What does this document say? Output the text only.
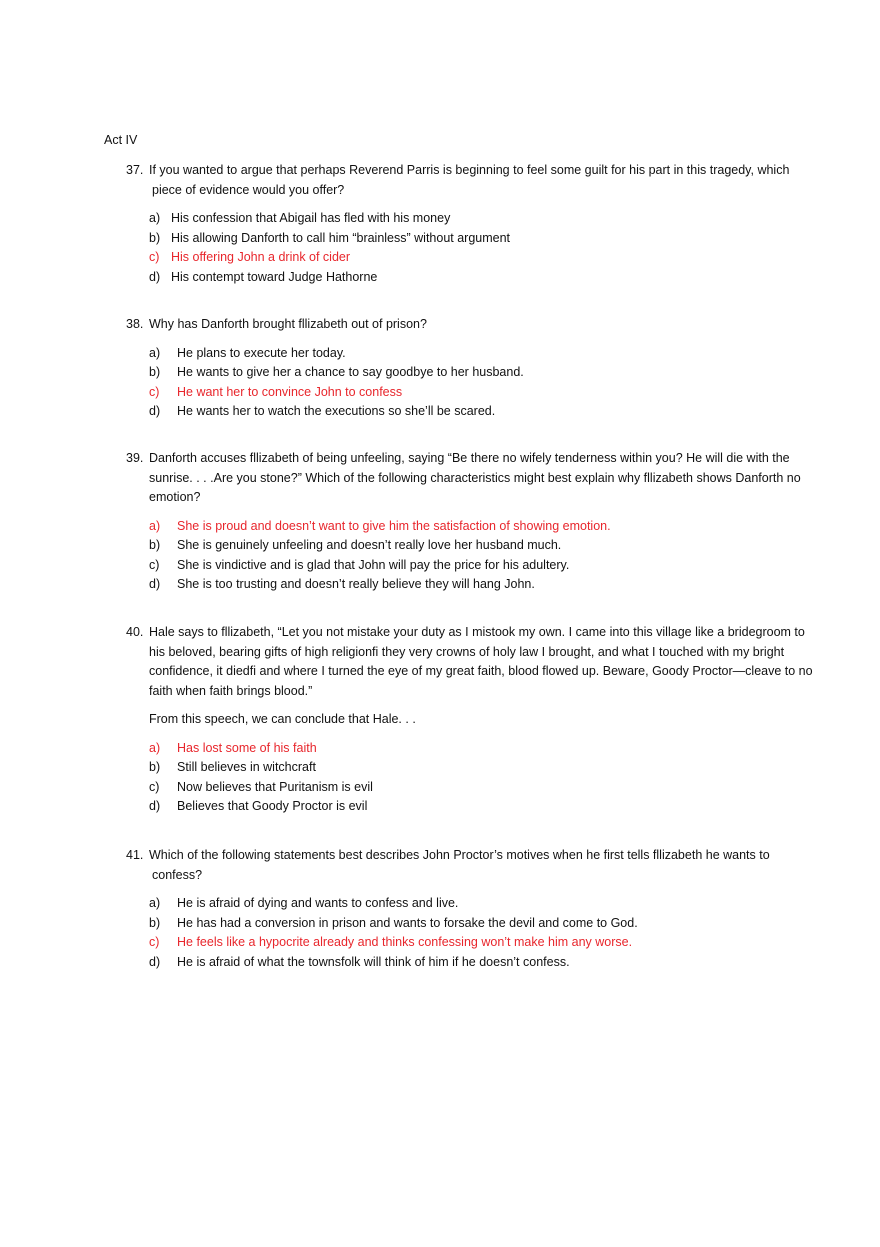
Act IV
37. If you wanted to argue that perhaps Reverend Parris is beginning to feel some guilt for his part in this tragedy, which
piece of evidence would you offer?
a) His confession that Abigail has fled with his money
b) His allowing Danforth to call him “brainless” without argument
c) His offering John a drink of cider
d) His contempt toward Judge Hathorne
38. Why has Danforth brought ﬂlizabeth out of prison?
a) He plans to execute her today.
b) He wants to give her a chance to say goodbye to her husband.
c) He want her to convince John to confess
d) He wants her to watch the executions so she’ll be scared.
39. Danforth accuses ﬂlizabeth of being unfeeling, saying “Be there no wifely tenderness within you? He will die with the
sunrise. . . .Are you stone?” Which of the following characteristics might best explain why ﬂlizabeth shows Danforth no
emotion?
a) She is proud and doesn’t want to give him the satisfaction of showing emotion.
b) She is genuinely unfeeling and doesn’t really love her husband much.
c) She is vindictive and is glad that John will pay the price for his adultery.
d) She is too trusting and doesn’t really believe they will hang John.
40. Hale says to ﬂlizabeth, “Let you not mistake your duty as I mistook my own. I came into this village like a bridegroom to
his beloved, bearing gifts of high religionﬁ they very crowns of holy law I brought, and what I touched with my bright
confidence, it diedﬁ and where I turned the eye of my great faith, blood flowed up. Beware, Goody Proctor—cleave to no
faith when faith brings blood.”
From this speech, we can conclude that Hale. . .
a) Has lost some of his faith
b) Still believes in witchcraft
c) Now believes that Puritanism is evil
d) Believes that Goody Proctor is evil
41. Which of the following statements best describes John Proctor’s motives when he first tells ﬂlizabeth he wants to
confess?
a) He is afraid of dying and wants to confess and live.
b) He has had a conversion in prison and wants to forsake the devil and come to God.
c) He feels like a hypocrite already and thinks confessing won’t make him any worse.
d) He is afraid of what the townsfolk will think of him if he doesn’t confess.
